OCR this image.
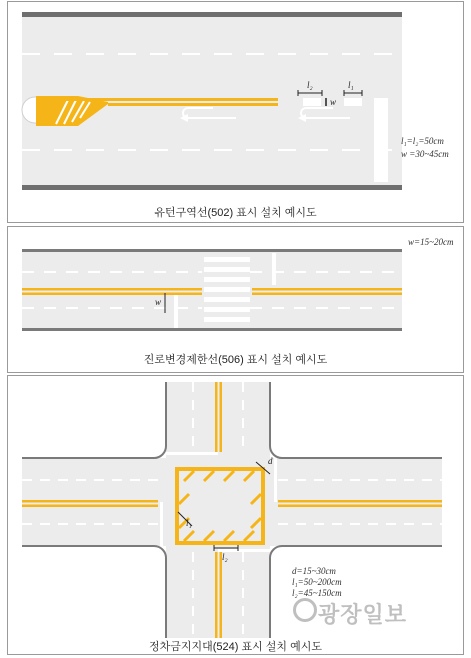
l₂	l₁
w
l₁=l₂=50cm
w =30~45cm
유턴구역선(502) 표시 설치 예시도
w
w=15~20cm
진로변경제한선(506) 표시 설치 예시도
d
l₁
l₂
d=15~30cm
l₁=50~200cm
l₂=45~150cm
정차금지지대(524) 표시 설치 예시도
광장일보
